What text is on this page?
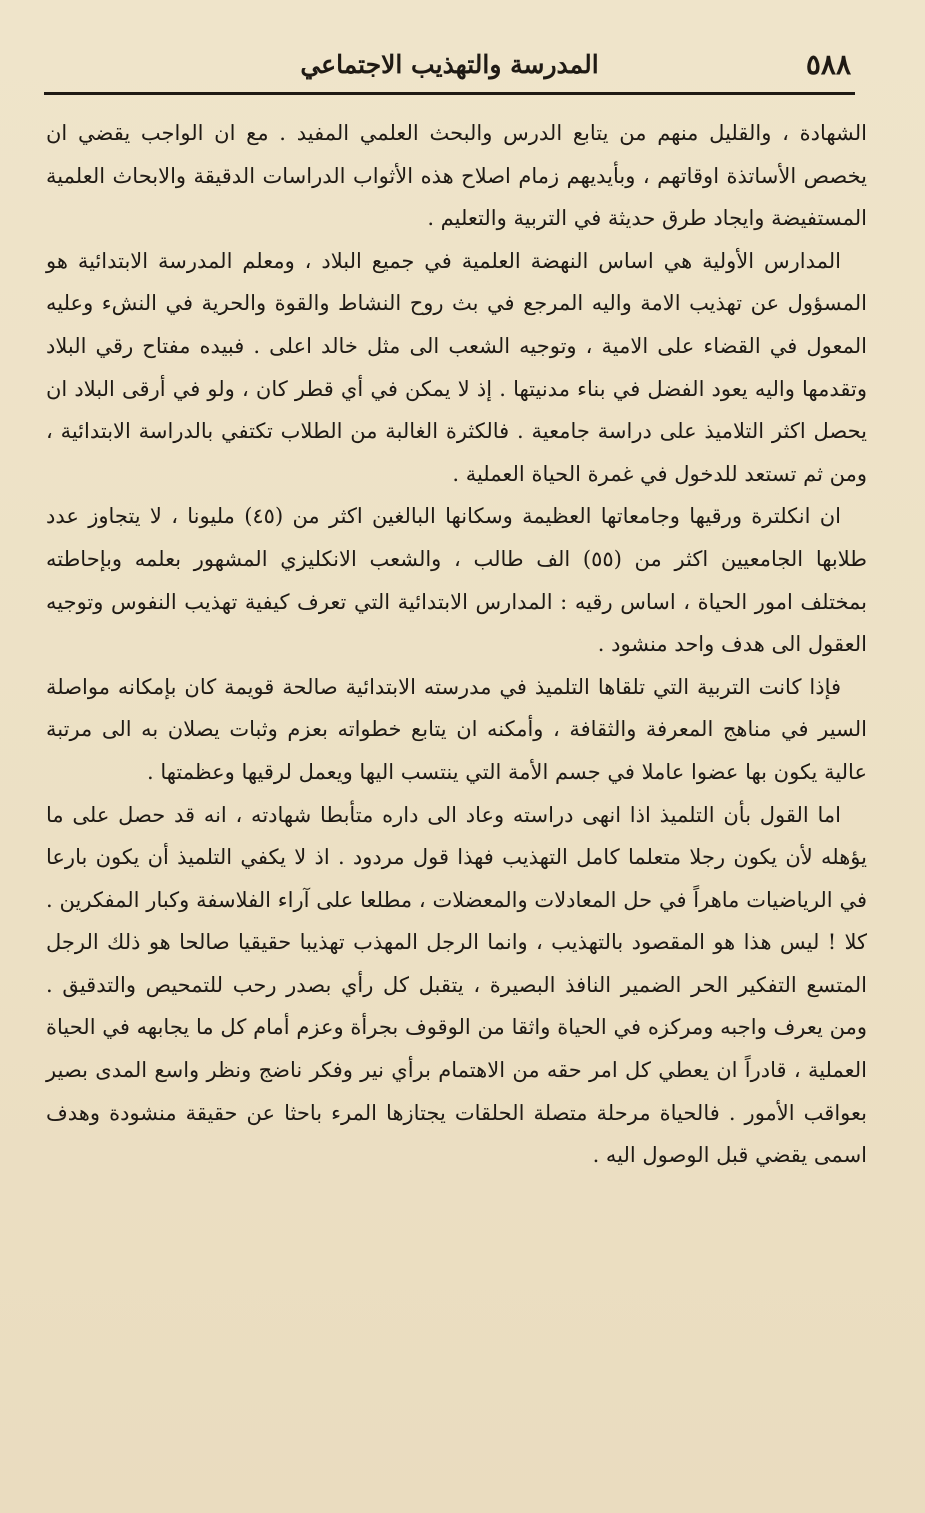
٥٨٨
المدرسة والتهذيب الاجتماعي

الشهادة ، والقليل منهم من يتابع الدرس والبحث العلمي المفيد . مع ان الواجب يقضي ان يخصص الأساتذة اوقاتهم ، وبأيديهم زمام اصلاح هذه الأثواب الدراسات الدقيقة والابحاث العلمية المستفيضة وايجاد طرق حديثة في التربية والتعليم .

المدارس الأولية هي اساس النهضة العلمية في جميع البلاد ، ومعلم المدرسة الابتدائية هو المسؤول عن تهذيب الامة واليه المرجع في بث روح النشاط والقوة والحرية في النشء وعليه المعول في القضاء على الامية ، وتوجيه الشعب الى مثل خالد اعلى . فبيده مفتاح رقي البلاد وتقدمها واليه يعود الفضل في بناء مدنيتها . إذ لا يمكن في أي قطر كان ، ولو في أرقى البلاد ان يحصل اكثر التلاميذ على دراسة جامعية . فالكثرة الغالبة من الطلاب تكتفي بالدراسة الابتدائية ، ومن ثم تستعد للدخول في غمرة الحياة العملية .

ان انكلترة ورقيها وجامعاتها العظيمة وسكانها البالغين اكثر من (٤٥) مليونا ، لا يتجاوز عدد طلابها الجامعيين اكثر من (٥٥) الف طالب ، والشعب الانكليزي المشهور بعلمه وبإحاطته بمختلف امور الحياة ، اساس رقيه : المدارس الابتدائية التي تعرف كيفية تهذيب النفوس وتوجيه العقول الى هدف واحد منشود .

فإذا كانت التربية التي تلقاها التلميذ في مدرسته الابتدائية صالحة قويمة كان بإمكانه مواصلة السير في مناهج المعرفة والثقافة ، وأمكنه ان يتابع خطواته بعزم وثبات يصلان به الى مرتبة عالية يكون بها عضوا عاملا في جسم الأمة التي ينتسب اليها ويعمل لرقيها وعظمتها .

اما القول بأن التلميذ اذا انهى دراسته وعاد الى داره متأبطا شهادته ، انه قد حصل على ما يؤهله لأن يكون رجلا متعلما كامل التهذيب فهذا قول مردود . اذ لا يكفي التلميذ أن يكون بارعا في الرياضيات ماهراً في حل المعادلات والمعضلات ، مطلعا على آراء الفلاسفة وكبار المفكرين . كلا ! ليس هذا هو المقصود بالتهذيب ، وانما الرجل المهذب تهذيبا حقيقيا صالحا هو ذلك الرجل المتسع التفكير الحر الضمير النافذ البصيرة ، يتقبل كل رأي بصدر رحب للتمحيص والتدقيق . ومن يعرف واجبه ومركزه في الحياة واثقا من الوقوف بجرأة وعزم أمام كل ما يجابهه في الحياة العملية ، قادراً ان يعطي كل امر حقه من الاهتمام برأي نير وفكر ناضج ونظر واسع المدى بصير بعواقب الأمور . فالحياة مرحلة متصلة الحلقات يجتازها المرء باحثا عن حقيقة منشودة وهدف اسمى يقضي قبل الوصول اليه .
